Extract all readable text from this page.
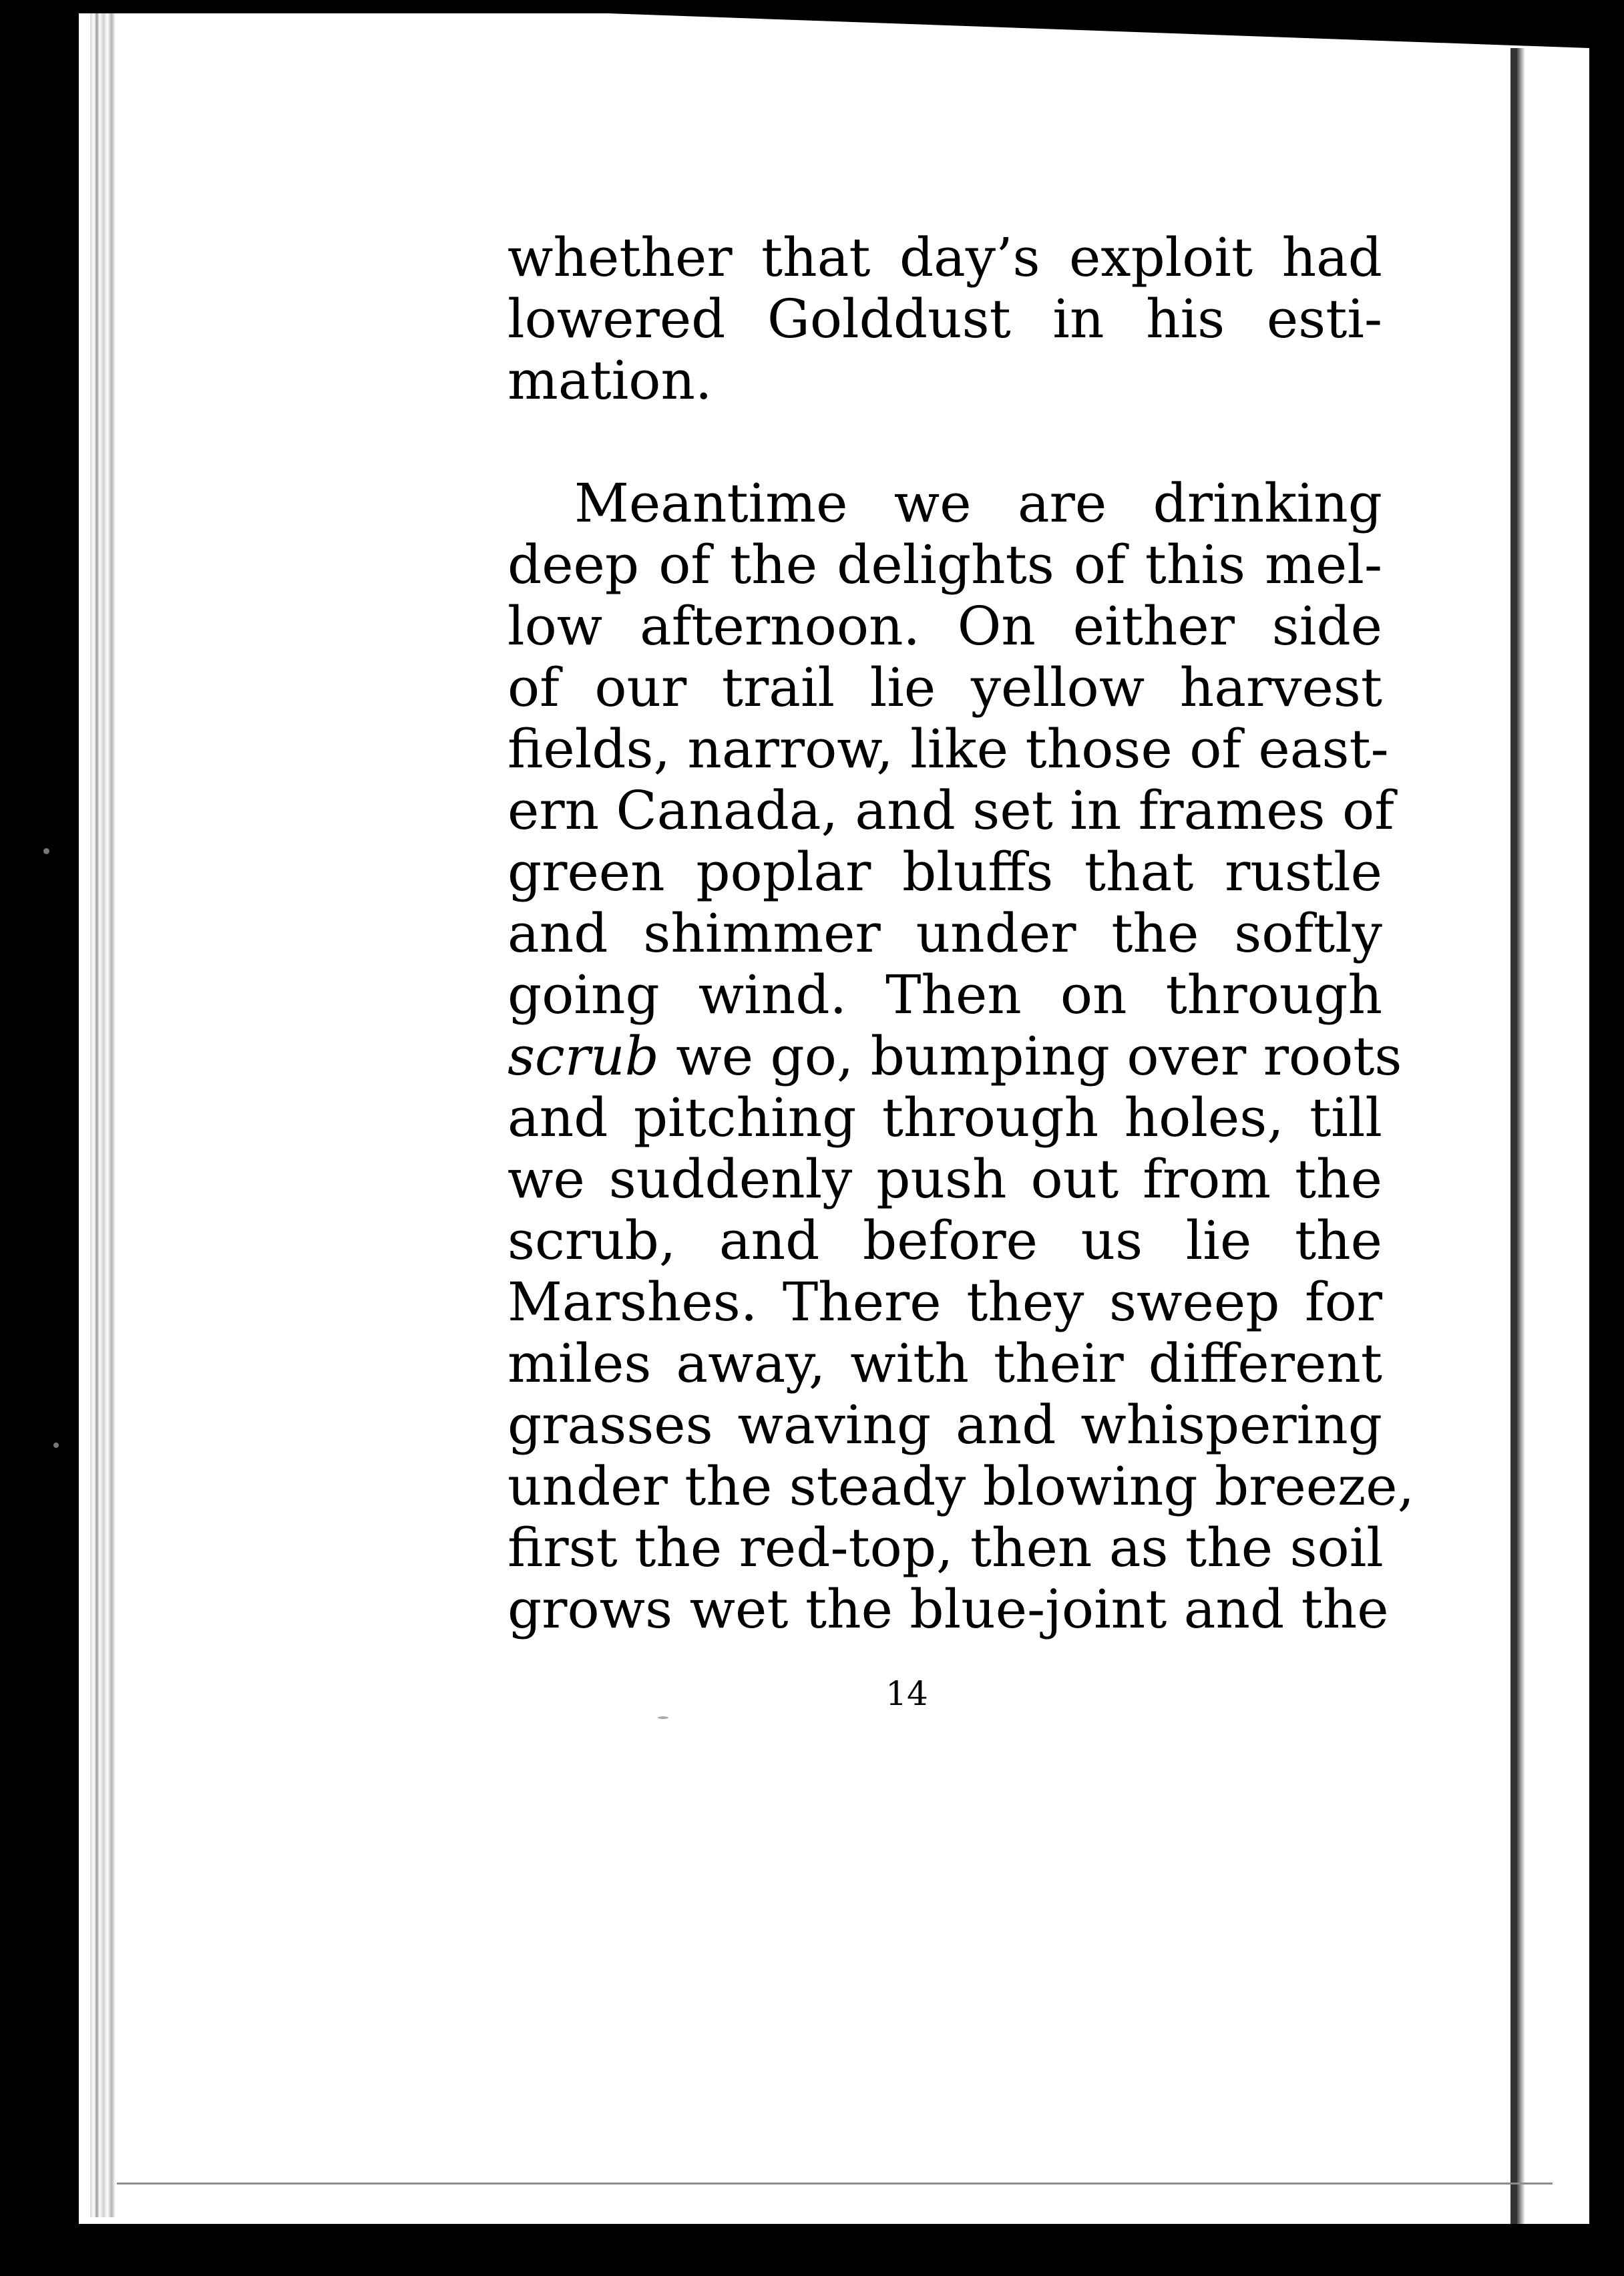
whether that day’s exploit had
lowered Golddust in his esti-
mation.
Meantime we are drinking
deep of the delights of this mel-
low afternoon. On either side
of our trail lie yellow harvest
fields, narrow, like those of east-
ern Canada, and set in frames of
green poplar bluffs that rustle
and shimmer under the softly
going wind. Then on through
scrub we go, bumping over roots
and pitching through holes, till
we suddenly push out from the
scrub, and before us lie the
Marshes. There they sweep for
miles away, with their different
grasses waving and whispering
under the steady blowing breeze,
first the red-top, then as the soil
grows wet the blue-joint and the
14
